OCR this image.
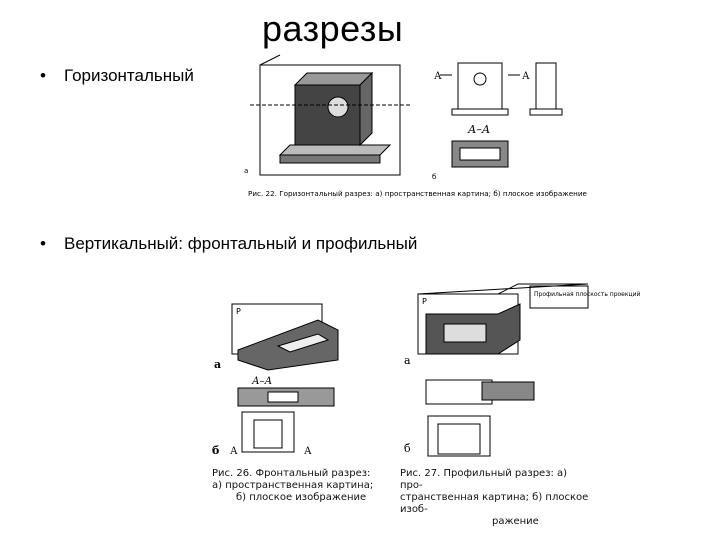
разрезы
• Горизонтальный
• Вертикальный: фронтальный и профильный
а
А	А
А–А
б
Рис. 22. Горизонтальный разрез: а) пространственная картина; б) плоское изображение
P
а
А–А
б А	А
Рис. 26. Фронтальный разрез:
а) пространственная картина;
б) плоское изображение
Профильная плоскость проекций
P
а
б
Рис. 27. Профильный разрез: а) про-
странственная картина; б) плоское изоб-
ражение
